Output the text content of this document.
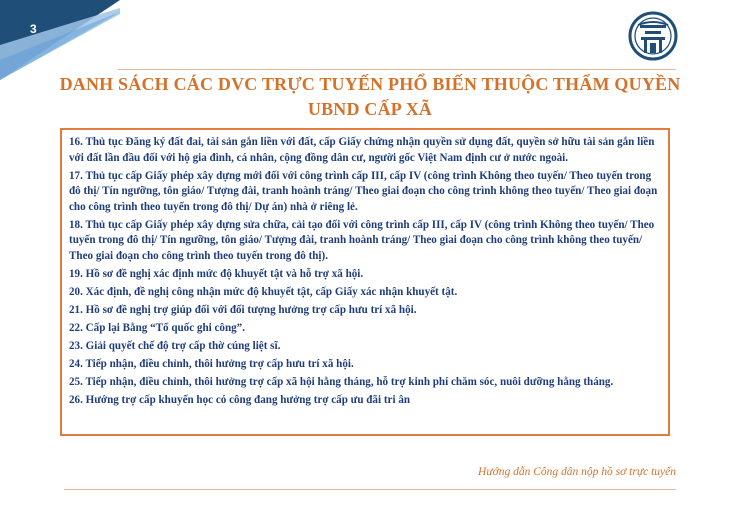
3
DANH SÁCH CÁC DVC TRỰC TUYẾN PHỔ BIẾN THUỘC THẨM QUYỀN
UBND CẤP XÃ

16. Thủ tục Đăng ký đất đai, tài sản gắn liền với đất, cấp Giấy chứng nhận quyền sử dụng đất, quyền sở hữu tài sản gắn liền với đất lần đầu đối với hộ gia đình, cá nhân, cộng đồng dân cư, người gốc Việt Nam định cư ở nước ngoài.

17. Thủ tục cấp Giấy phép xây dựng mới đối với công trình cấp III, cấp IV (công trình Không theo tuyến/ Theo tuyến trong đô thị/ Tín ngưỡng, tôn giáo/ Tượng đài, tranh hoành tráng/ Theo giai đoạn cho công trình không theo tuyến/ Theo giai đoạn cho công trình theo tuyến trong đô thị/ Dự án) nhà ở riêng lẻ.

18. Thủ tục cấp Giấy phép xây dựng sửa chữa, cải tạo đối với công trình cấp III, cấp IV (công trình Không theo tuyến/ Theo tuyến trong đô thị/ Tín ngưỡng, tôn giáo/ Tượng đài, tranh hoành tráng/ Theo giai đoạn cho công trình không theo tuyến/ Theo giai đoạn cho công trình theo tuyến trong đô thị).

19. Hồ sơ đề nghị xác định mức độ khuyết tật và hỗ trợ xã hội.

20. Xác định, đề nghị công nhận mức độ khuyết tật, cấp Giấy xác nhận khuyết tật.

21. Hồ sơ đề nghị trợ giúp đối với đối tượng hưởng trợ cấp hưu trí xã hội.

22. Cấp lại Bằng “Tổ quốc ghi công”.

23. Giải quyết chế độ trợ cấp thờ cúng liệt sĩ.

24. Tiếp nhận, điều chỉnh, thôi hưởng trợ cấp hưu trí xã hội.

25. Tiếp nhận, điều chỉnh, thôi hưởng trợ cấp xã hội hằng tháng, hỗ trợ kinh phí chăm sóc, nuôi dưỡng hằng tháng.

26. Hướng trợ cấp khuyến học có công đang hưởng trợ cấp ưu đãi tri ân

Hướng dẫn Công dân nộp hồ sơ trực tuyến
